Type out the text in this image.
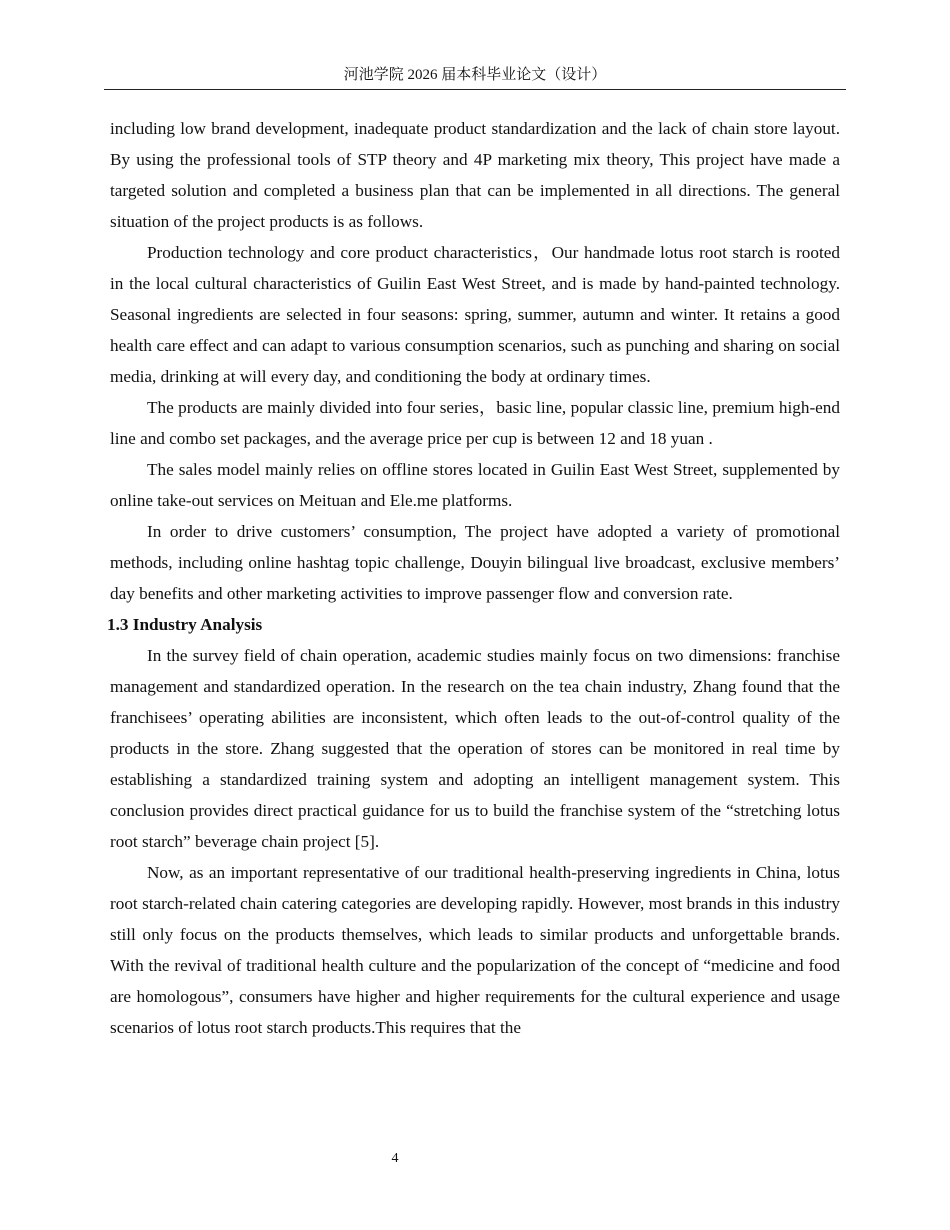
河池学院 2026 届本科毕业论文（设计）

including low brand development, inadequate product standardization and the lack of chain store layout. By using the professional tools of STP theory and 4P marketing mix theory, This project have made a targeted solution and completed a business plan that can be implemented in all directions. The general situation of the project products is as follows.

Production technology and core product characteristics，Our handmade lotus root starch is rooted in the local cultural characteristics of Guilin East West Street, and is made by hand-painted technology. Seasonal ingredients are selected in four seasons: spring, summer, autumn and winter. It retains a good health care effect and can adapt to various consumption scenarios, such as punching and sharing on social media, drinking at will every day, and conditioning the body at ordinary times.

The products are mainly divided into four series，basic line, popular classic line, premium high-end line and combo set packages, and the average price per cup is between 12 and 18 yuan .

The sales model mainly relies on offline stores located in Guilin East West Street, supplemented by online take-out services on Meituan and Ele.me platforms.

In order to drive customers’ consumption, The project have adopted a variety of promotional methods, including online hashtag topic challenge, Douyin bilingual live broadcast, exclusive members’ day benefits and other marketing activities to improve passenger flow and conversion rate.

1.3 Industry Analysis

In the survey field of chain operation, academic studies mainly focus on two dimensions: franchise management and standardized operation. In the research on the tea chain industry, Zhang found that the franchisees’ operating abilities are inconsistent, which often leads to the out-of-control quality of the products in the store. Zhang suggested that the operation of stores can be monitored in real time by establishing a standardized training system and adopting an intelligent management system. This conclusion provides direct practical guidance for us to build the franchise system of the “stretching lotus root starch” beverage chain project [5].

Now, as an important representative of our traditional health-preserving ingredients in China, lotus root starch-related chain catering categories are developing rapidly. However, most brands in this industry still only focus on the products themselves, which leads to similar products and unforgettable brands. With the revival of traditional health culture and the popularization of the concept of “medicine and food are homologous”, consumers have higher and higher requirements for the cultural experience and usage scenarios of lotus root starch products.This requires that the

4
